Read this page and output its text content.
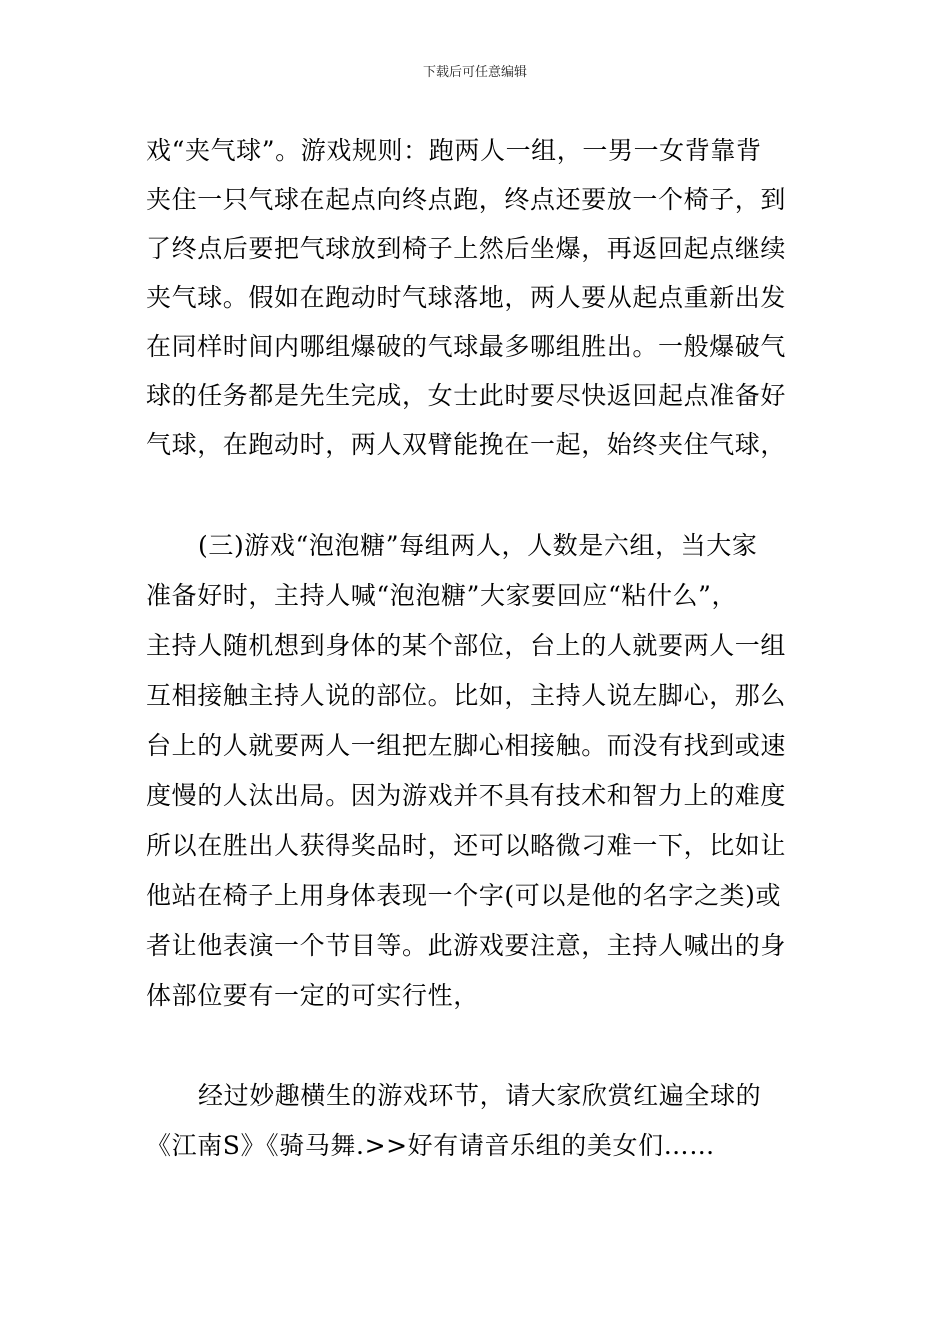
下载后可任意编辑
戏“夹气球”。游戏规则：跑两人一组，一男一女背靠背
夹住一只气球在起点向终点跑，终点还要放一个椅子，到
了终点后要把气球放到椅子上然后坐爆，再返回起点继续
夹气球。假如在跑动时气球落地，两人要从起点重新出发
在同样时间内哪组爆破的气球最多哪组胜出。一般爆破气
球的任务都是先生完成，女士此时要尽快返回起点准备好
气球，在跑动时，两人双臂能挽在一起，始终夹住气球，
(三)游戏“泡泡糖”每组两人，人数是六组，当大家
准备好时，主持人喊“泡泡糖”大家要回应“粘什么”，
主持人随机想到身体的某个部位，台上的人就要两人一组
互相接触主持人说的部位。比如，主持人说左脚心，那么
台上的人就要两人一组把左脚心相接触。而没有找到或速
度慢的人汰出局。因为游戏并不具有技术和智力上的难度
所以在胜出人获得奖品时，还可以略微刁难一下，比如让
他站在椅子上用身体表现一个字(可以是他的名字之类)或
者让他表演一个节目等。此游戏要注意，主持人喊出的身
体部位要有一定的可实行性，
经过妙趣横生的游戏环节，请大家欣赏红遍全球的
《江南S》《骑马舞.>>好有请音乐组的美女们……
